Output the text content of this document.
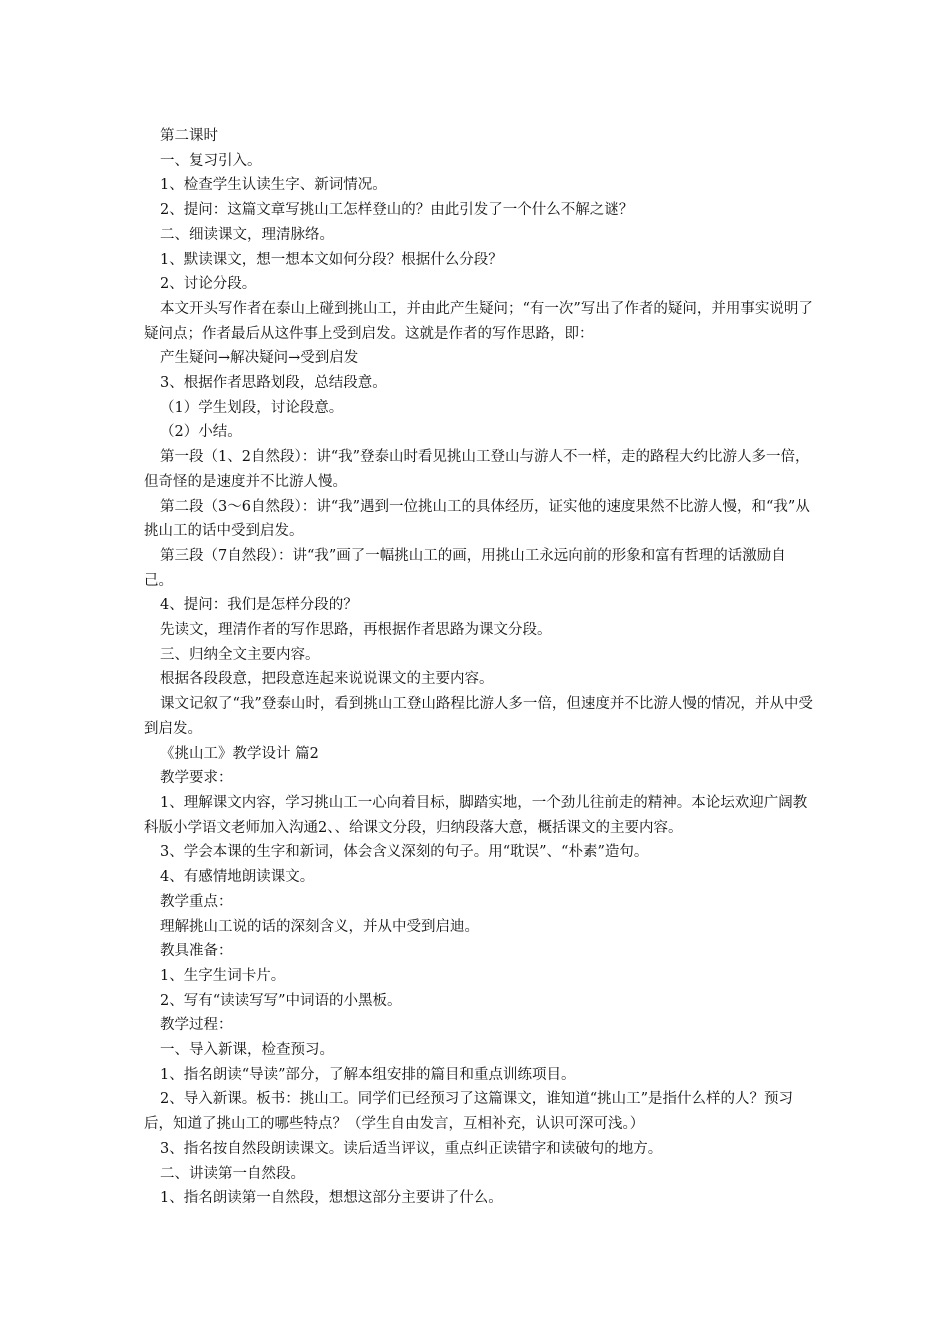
第二课时

一、复习引入。

1、检查学生认读生字、新词情况。

2、提问：这篇文章写挑山工怎样登山的？由此引发了一个什么不解之谜？

二、细读课文，理清脉络。

1、默读课文，想一想本文如何分段？根据什么分段？

2、讨论分段。

本文开头写作者在泰山上碰到挑山工，并由此产生疑问；“有一次”写出了作者的疑问，并用事实说明了疑问点；作者最后从这件事上受到启发。这就是作者的写作思路，即：

产生疑问→解决疑问→受到启发

3、根据作者思路划段，总结段意。

（1）学生划段，讨论段意。

（2）小结。

第一段（1、2自然段）：讲“我”登泰山时看见挑山工登山与游人不一样，走的路程大约比游人多一倍，但奇怪的是速度并不比游人慢。

第二段（3～6自然段）：讲“我”遇到一位挑山工的具体经历，证实他的速度果然不比游人慢，和“我”从挑山工的话中受到启发。

第三段（7自然段）：讲“我”画了一幅挑山工的画，用挑山工永远向前的形象和富有哲理的话激励自己。

4、提问：我们是怎样分段的？

先读文，理清作者的写作思路，再根据作者思路为课文分段。

三、归纳全文主要内容。

根据各段段意，把段意连起来说说课文的主要内容。

课文记叙了“我”登泰山时，看到挑山工登山路程比游人多一倍，但速度并不比游人慢的情况，并从中受到启发。

《挑山工》教学设计 篇2

教学要求：

1、理解课文内容，学习挑山工一心向着目标，脚踏实地，一个劲儿往前走的精神。本论坛欢迎广阔教科版小学语文老师加入沟通2、、给课文分段，归纳段落大意，概括课文的主要内容。

3、学会本课的生字和新词，体会含义深刻的句子。用“耽误”、“朴素”造句。

4、有感情地朗读课文。

教学重点：

理解挑山工说的话的深刻含义，并从中受到启迪。

教具准备：

1、生字生词卡片。

2、写有“读读写写”中词语的小黑板。

教学过程：

一、导入新课，检查预习。

1、指名朗读“导读”部分，了解本组安排的篇目和重点训练项目。

2、导入新课。板书：挑山工。同学们已经预习了这篇课文，谁知道“挑山工”是指什么样的人？预习后，知道了挑山工的哪些特点？（学生自由发言，互相补充，认识可深可浅。）

3、指名按自然段朗读课文。读后适当评议，重点纠正读错字和读破句的地方。

二、讲读第一自然段。

1、指名朗读第一自然段，想想这部分主要讲了什么。
